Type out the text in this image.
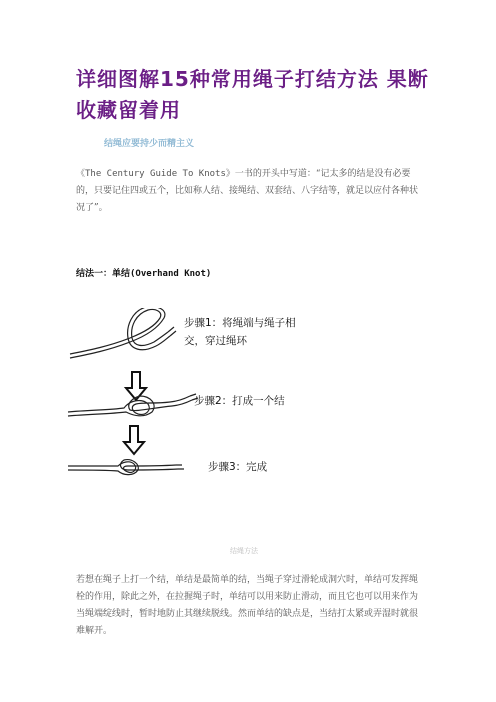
详细图解15种常用绳子打结方法 果断收藏留着用

结绳应要持少而精主义

《The Century Guide To Knots》一书的开头中写道：“记太多的结是没有必要的，只要记住四或五个，比如称人结、接绳结、双套结、八字结等，就足以应付各种状况了”。

结法一：单结(Overhand Knot)

步骤1：将绳端与绳子相
交，穿过绳环

步骤2：打成一个结

步骤3：完成

结绳方法

若想在绳子上打一个结，单结是最简单的结，当绳子穿过滑轮成洞穴时，单结可发挥绳栓的作用，除此之外，在拉握绳子时，单结可以用来防止滑动，而且它也可以用来作为当绳端绽线时，暂时地防止其继续脱线。然而单结的缺点是，当结打太紧或弄湿时就很难解开。
